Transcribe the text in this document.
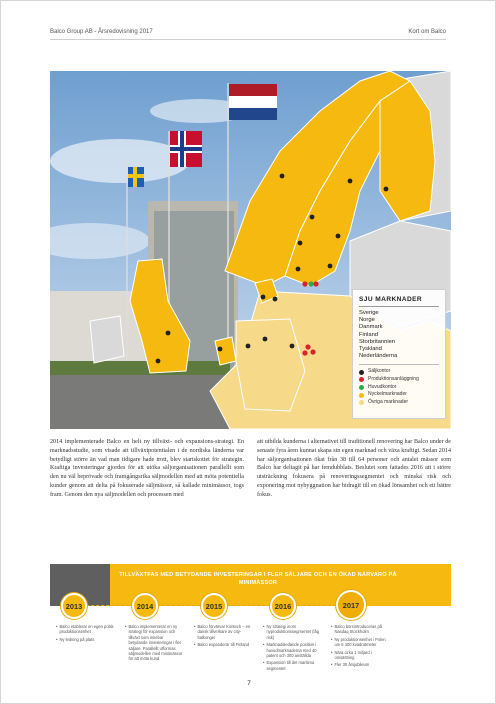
Balco Group AB - Årsredovisning 2017	Kort om Balco
SJU MARKNADER
Sverige
Norge
Danmark
Finland
Storbritannien
Tyskland
Nederländerna
Säljkontor
Produktionsanläggning
Huvudkontor
Nyckelmarknader
Övriga marknader

2014 implementerade Balco en helt ny tillväxt- och expansions-strategi. En marknadsstudie, som visade att tillväxtpotentialen i de nordiska länderna var betydligt större än vad man tidigare hade trott, blev startskottet för strategin. Kraftiga investeringar gjordes för att utöka säljorganisationen parallellt som den nu väl beprövade och framgångsrika säljmodellen med att möta potentiella kunder genom att delta på fokuserade säljmässor, så kallade minimässor, togs fram. Genom den nya säljmodellen och processen med

att utbilda kunderna i alternativet till traditionell renovering har Balco under de senaste fyra åren kunnat skapa sin egen marknad och växa kraftigt. Sedan 2014 har säljorganisationen ökat från 38 till 64 personer och antalet mässor som Balco har deltagit på har femdubblats. Beslutet som fattades 2016 att i större utsträckning fokusera på renoveringssegmentet och minska risk och exponering mot nybyggnation har bidragit till en ökad lönsamhet och ett bättre fokus.

TILLVÄXTFAS MED BETYDANDE INVESTERINGAR I FLER SÄLJARE OCH EN ÖKAD NÄRVARO PÅ MINIMÄSSOR
2013	2014	2015	2016	2017
• Balco etablerar en egen polsk produktionsenhet
• Ny ledning på plats
• Balco implementerar en ny strategi för expansion och tillväxt som innebar betydande investeringar i fler säljare. Parallellt utformas säljmodellen med minimässor för att möta kund
• Balco förvärvar Kontech – en dansk tillverkare av city-balkonger
• Balco expanderar till Finland
• Ny strategi inom nyproduktionssegmentet (låg risk)
• Marknadsledande position i huvudmarknaderna med 40 patent och 300 anställda
• Expansion till det maritima segmentet
• Balco börsintroduceras på Nasdaq Stockholm
• Ny produktionsenhet i Polen om 5 400 kvadratmeter
• Nära cirka 1 miljard i omsättning
• Fler 30 årsjubileum
7
